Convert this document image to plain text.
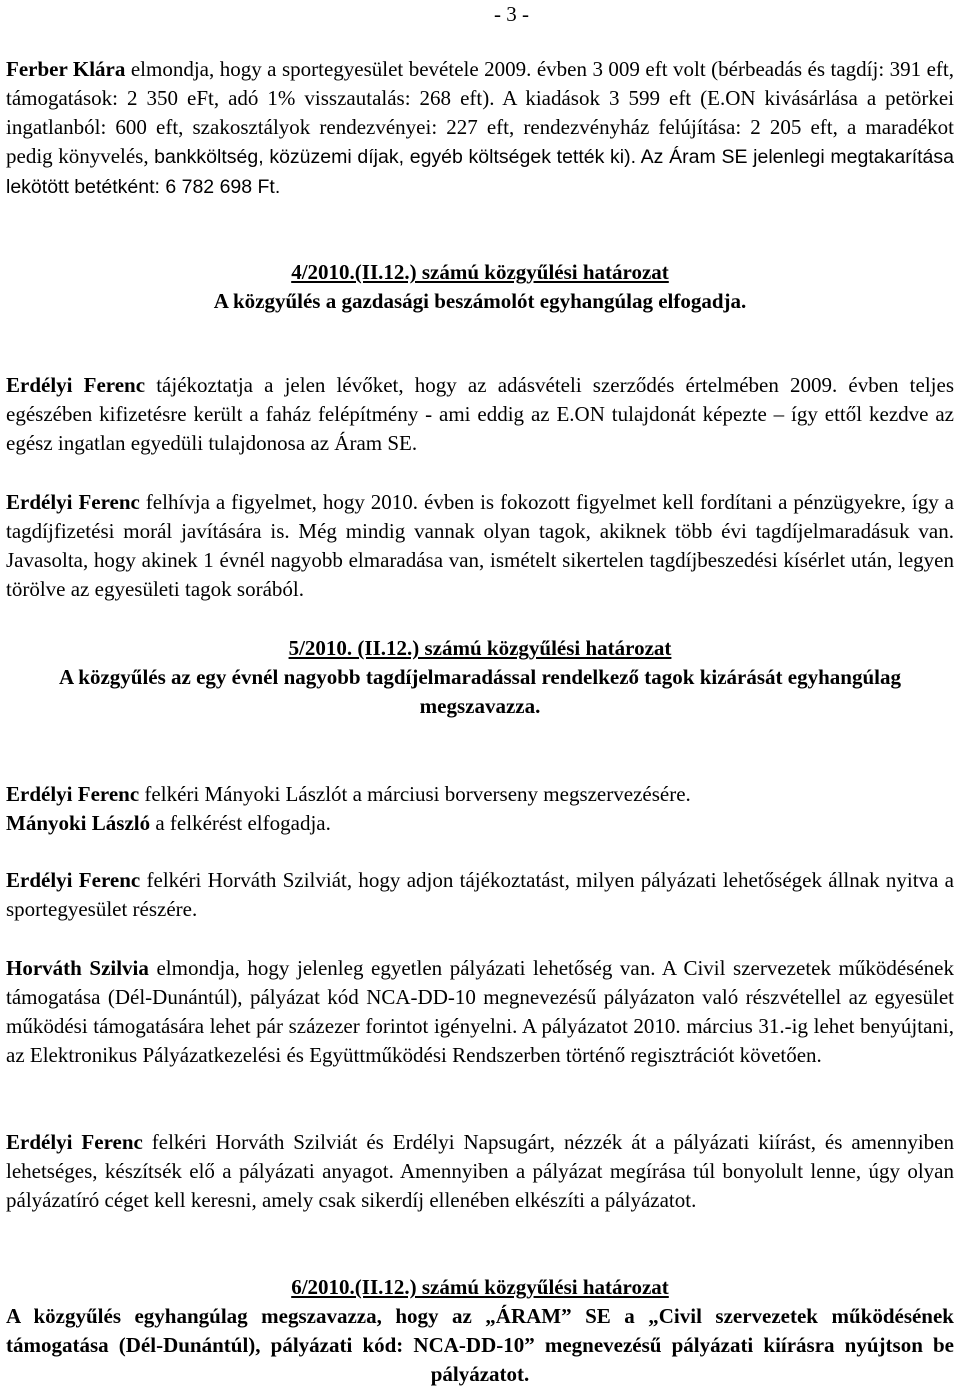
- 3 -

Ferber Klára elmondja, hogy a sportegyesület bevétele 2009. évben 3 009 eft volt (bérbeadás és tagdíj: 391 eft, támogatások: 2 350 eFt, adó 1% visszautalás: 268 eft). A kiadások 3 599 eft (E.ON kivásárlása a petörkei ingatlanból: 600 eft, szakosztályok rendezvényei: 227 eft, rendezvényház felújítása: 2 205 eft, a maradékot pedig könyvelés, bankköltség, közüzemi díjak, egyéb költségek tették ki). Az Áram SE jelenlegi megtakarítása lekötött betétként: 6 782 698 Ft.

4/2010.(II.12.) számú közgyűlési határozat

A közgyűlés a gazdasági beszámolót egyhangúlag elfogadja.

Erdélyi Ferenc tájékoztatja a jelen lévőket, hogy az adásvételi szerződés értelmében 2009. évben teljes egészében kifizetésre került a faház felépítmény - ami eddig az E.ON tulajdonát képezte – így ettől kezdve az egész ingatlan egyedüli tulajdonosa az Áram SE.

Erdélyi Ferenc felhívja a figyelmet, hogy 2010. évben is fokozott figyelmet kell fordítani a pénzügyekre, így a tagdíjfizetési morál javítására is. Még mindig vannak olyan tagok, akiknek több évi tagdíjelmaradásuk van. Javasolta, hogy akinek 1 évnél nagyobb elmaradása van, ismételt sikertelen tagdíjbeszedési kísérlet után, legyen törölve az egyesületi tagok sorából.

5/2010. (II.12.) számú közgyűlési határozat

A közgyűlés az egy évnél nagyobb tagdíjelmaradással rendelkező tagok kizárását egyhangúlag megszavazza.

Erdélyi Ferenc felkéri Mányoki Lászlót a márciusi borverseny megszervezésére.

Mányoki László a felkérést elfogadja.

Erdélyi Ferenc felkéri Horváth Szilviát, hogy adjon tájékoztatást, milyen pályázati lehetőségek állnak nyitva a sportegyesület részére.

Horváth Szilvia elmondja, hogy jelenleg egyetlen pályázati lehetőség van. A Civil szervezetek működésének támogatása (Dél-Dunántúl), pályázat kód NCA-DD-10 megnevezésű pályázaton való részvétellel az egyesület működési támogatására lehet pár százezer forintot igényelni. A pályázatot 2010. március 31.-ig lehet benyújtani, az Elektronikus Pályázatkezelési és Együttműködési Rendszerben történő regisztrációt követően.

Erdélyi Ferenc felkéri Horváth Szilviát és Erdélyi Napsugárt, nézzék át a pályázati kiírást, és amennyiben lehetséges, készítsék elő a pályázati anyagot. Amennyiben a pályázat megírása túl bonyolult lenne, úgy olyan pályázatíró céget kell keresni, amely csak sikerdíj ellenében elkészíti a pályázatot.

6/2010.(II.12.) számú közgyűlési határozat

A közgyűlés egyhangúlag megszavazza, hogy az „ÁRAM” SE a „Civil szervezetek működésének támogatása (Dél-Dunántúl), pályázati kód: NCA-DD-10” megnevezésű pályázati kiírásra nyújtson be pályázatot.
